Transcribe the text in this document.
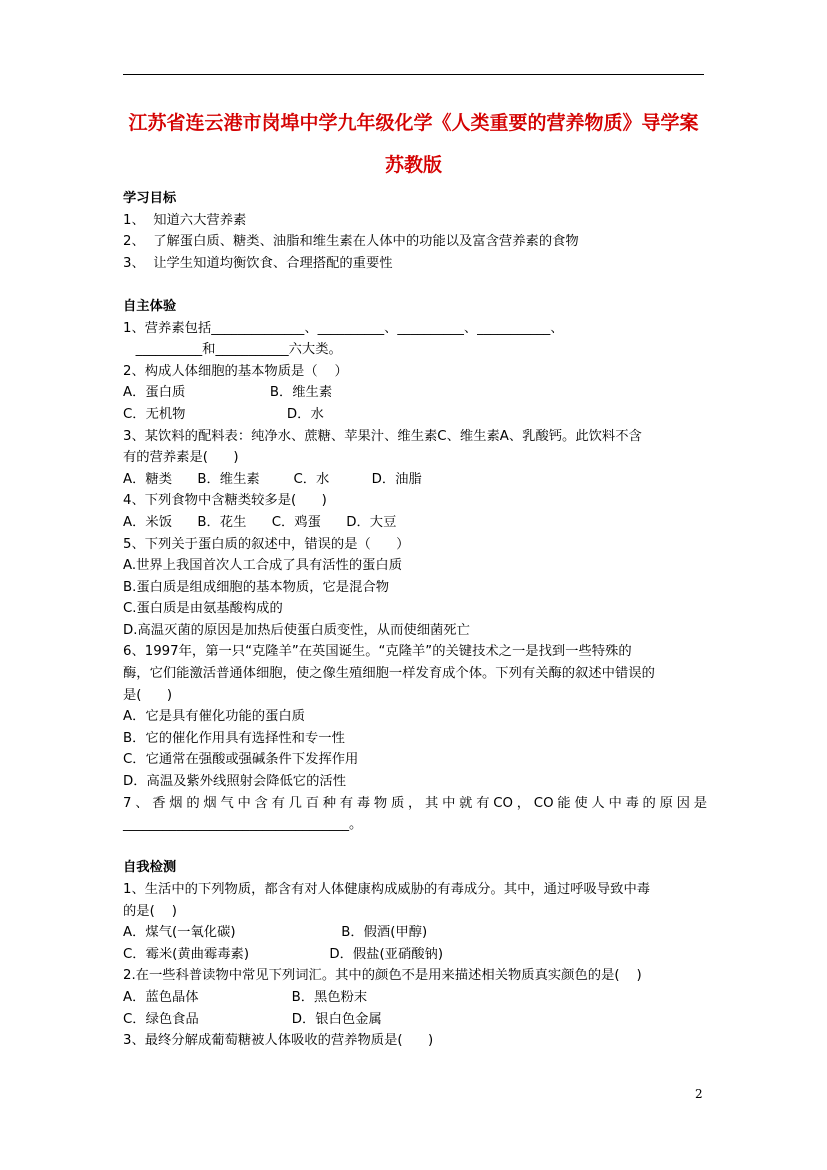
江苏省连云港市岗埠中学九年级化学《人类重要的营养物质》导学案
苏教版
学习目标
1、  知道六大营养素
2、  了解蛋白质、糖类、油脂和维生素在人体中的功能以及富含营养素的食物
3、  让学生知道均衡饮食、合理搭配的重要性
自主体验
1、营养素包括______________、__________、__________、___________、
__________和___________六大类。
2、构成人体细胞的基本物质是（    ）
A．蛋白质                    B．维生素
C．无机物                        D．水
3、某饮料的配料表：纯净水、蔗糖、苹果汁、维生素C、维生素A、乳酸钙。此饮料不含
有的营养素是(      )
A．糖类      B．维生素        C．水          D．油脂
4、下列食物中含糖类较多是(      )
A．米饭      B．花生      C．鸡蛋      D．大豆
5、下列关于蛋白质的叙述中，错误的是（      ）
A.世界上我国首次人工合成了具有活性的蛋白质
B.蛋白质是组成细胞的基本物质，它是混合物
C.蛋白质是由氨基酸构成的
D.高温灭菌的原因是加热后使蛋白质变性，从而使细菌死亡
6、1997年，第一只“克隆羊”在英国诞生。“克隆羊”的关键技术之一是找到一些特殊的
酶，它们能激活普通体细胞，使之像生殖细胞一样发育成个体。下列有关酶的叙述中错误的
是(      )
A．它是具有催化功能的蛋白质
B．它的催化作用具有选择性和专一性
C．它通常在强酸或强碱条件下发挥作用
D．高温及紫外线照射会降低它的活性
7、香烟的烟气中含有几百种有毒物质，其中就有CO，CO能使人中毒的原因是
__________________________________。
自我检测
1、生活中的下列物质，都含有对人体健康构成威胁的有毒成分。其中，通过呼吸导致中毒
的是(    )
A．煤气(一氧化碳)                         B．假酒(甲醇)
C．霉米(黄曲霉毒素)                   D．假盐(亚硝酸钠)
2.在一些科普读物中常见下列词汇。其中的颜色不是用来描述相关物质真实颜色的是(    )
A．蓝色晶体                      B．黑色粉末
C．绿色食品                      D．银白色金属
3、最终分解成葡萄糖被人体吸收的营养物质是(      )
2
